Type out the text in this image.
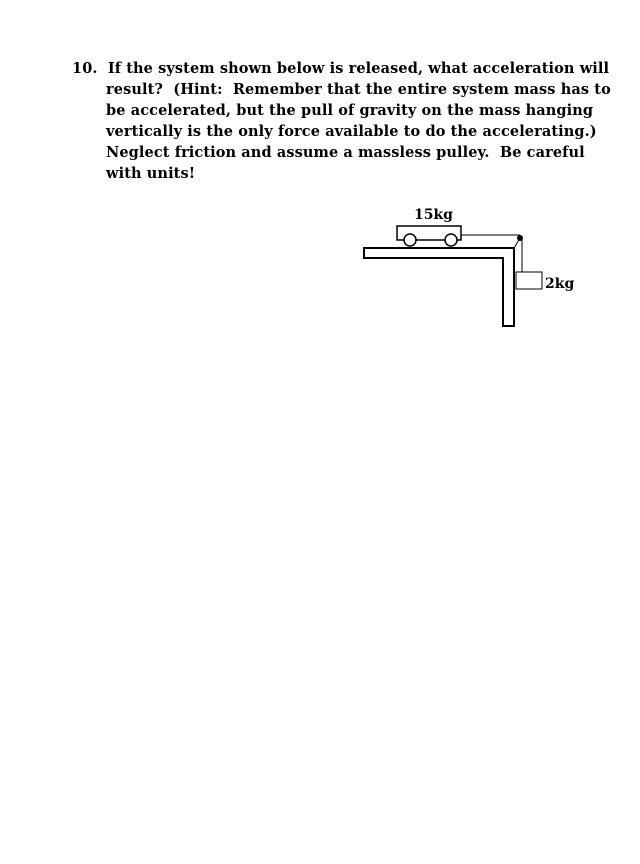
10. If the system shown below is released, what acceleration will
result?  (Hint:  Remember that the entire system mass has to
be accelerated, but the pull of gravity on the mass hanging
vertically is the only force available to do the accelerating.)
Neglect friction and assume a massless pulley.  Be careful
with units!
15kg
2kg
